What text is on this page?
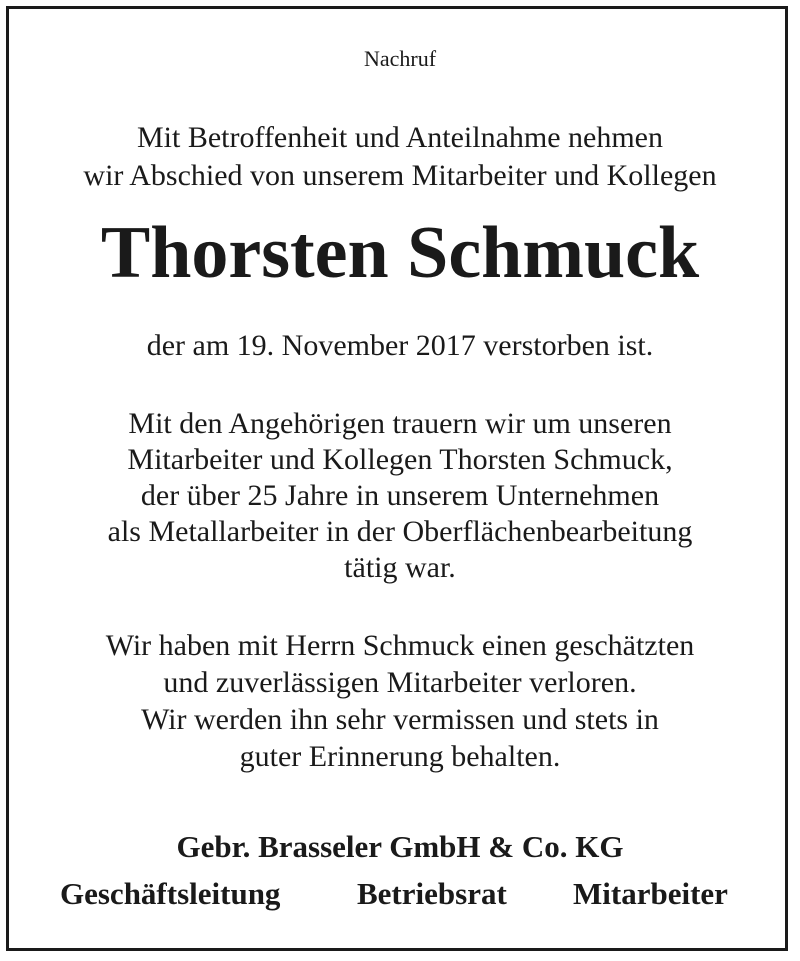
Nachruf
Mit Betroffenheit und Anteilnahme nehmen
wir Abschied von unserem Mitarbeiter und Kollegen
Thorsten Schmuck
der am 19. November 2017 verstorben ist.
Mit den Angehörigen trauern wir um unseren
Mitarbeiter und Kollegen Thorsten Schmuck,
der über 25 Jahre in unserem Unternehmen
als Metallarbeiter in der Oberflächenbearbeitung
tätig war.
Wir haben mit Herrn Schmuck einen geschätzten
und zuverlässigen Mitarbeiter verloren.
Wir werden ihn sehr vermissen und stets in
guter Erinnerung behalten.
Gebr. Brasseler GmbH & Co. KG
Geschäftsleitung Betriebsrat Mitarbeiter
